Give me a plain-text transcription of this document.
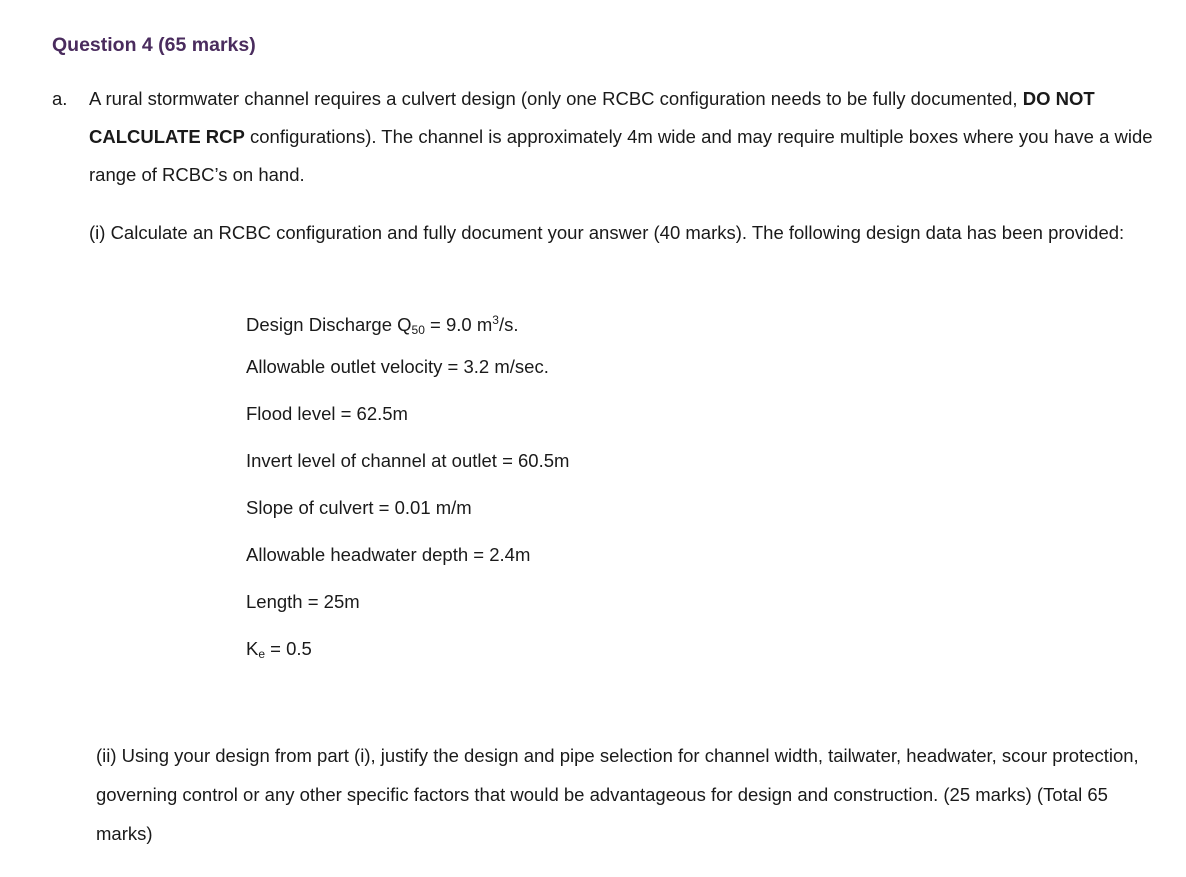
Question 4 (65 marks)
a. A rural stormwater channel requires a culvert design (only one RCBC configuration needs to be fully documented, DO NOT CALCULATE RCP configurations). The channel is approximately 4m wide and may require multiple boxes where you have a wide range of RCBC’s on hand.
(i) Calculate an RCBC configuration and fully document your answer (40 marks). The following design data has been provided:
Design Discharge $Q_{50} = 9.0$ $m^3/s$.
Allowable outlet velocity = 3.2 m/sec.
Flood level = 62.5m
Invert level of channel at outlet = 60.5m
Slope of culvert = 0.01 m/m
Allowable headwater depth = 2.4m
Length = 25m
$K_e = 0.5$
(ii) Using your design from part (i), justify the design and pipe selection for channel width, tailwater, headwater, scour protection, governing control or any other specific factors that would be advantageous for design and construction. (25 marks) (Total 65 marks)
